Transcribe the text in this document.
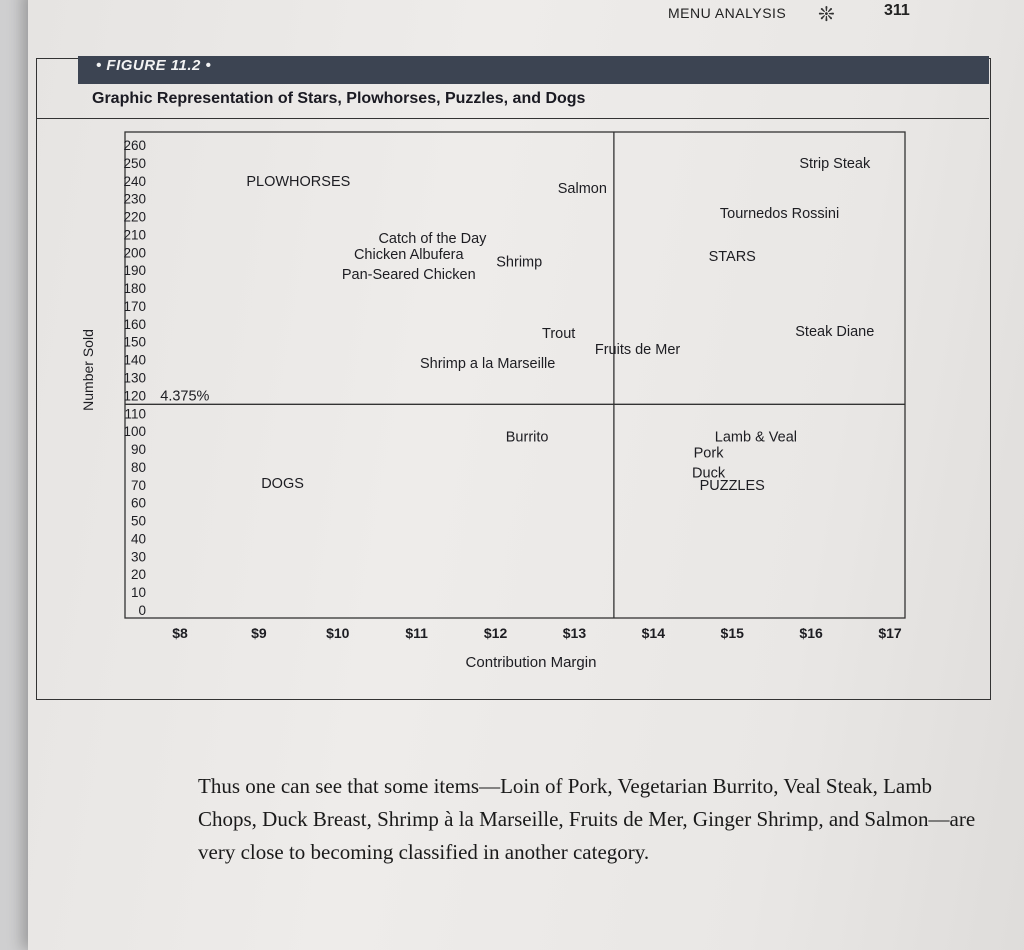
MENU ANALYSIS ❊	311
• FIGURE 11.2 •
Graphic Representation of Stars, Plowhorses, Puzzles, and Dogs
0
10
20
30
40
50
60
70
80
90
100
110
120
130
140
150
160
170
180
190
200
210
220
230
240
250
260
$8	$9	$10	$11	$12	$13	$14	$15	$16	$17
Contribution Margin
Number Sold
PLOWHORSES
STARS
DOGS	PUZZLES
4.375%
Strip Steak
Salmon
Tournedos Rossini
Catch of the Day
Chicken Albufera Shrimp
Pan-Seared Chicken
Trout	Steak Diane
Fruits de Mer
Shrimp a la Marseille
Burrito	Lamb & Veal
Pork
Duck

Thus one can see that some items—Loin of Pork, Vegetarian Burrito, Veal Steak, Lamb Chops, Duck Breast, Shrimp à la Marseille, Fruits de Mer, Ginger Shrimp, and Salmon—are very close to becoming classified in another category.
